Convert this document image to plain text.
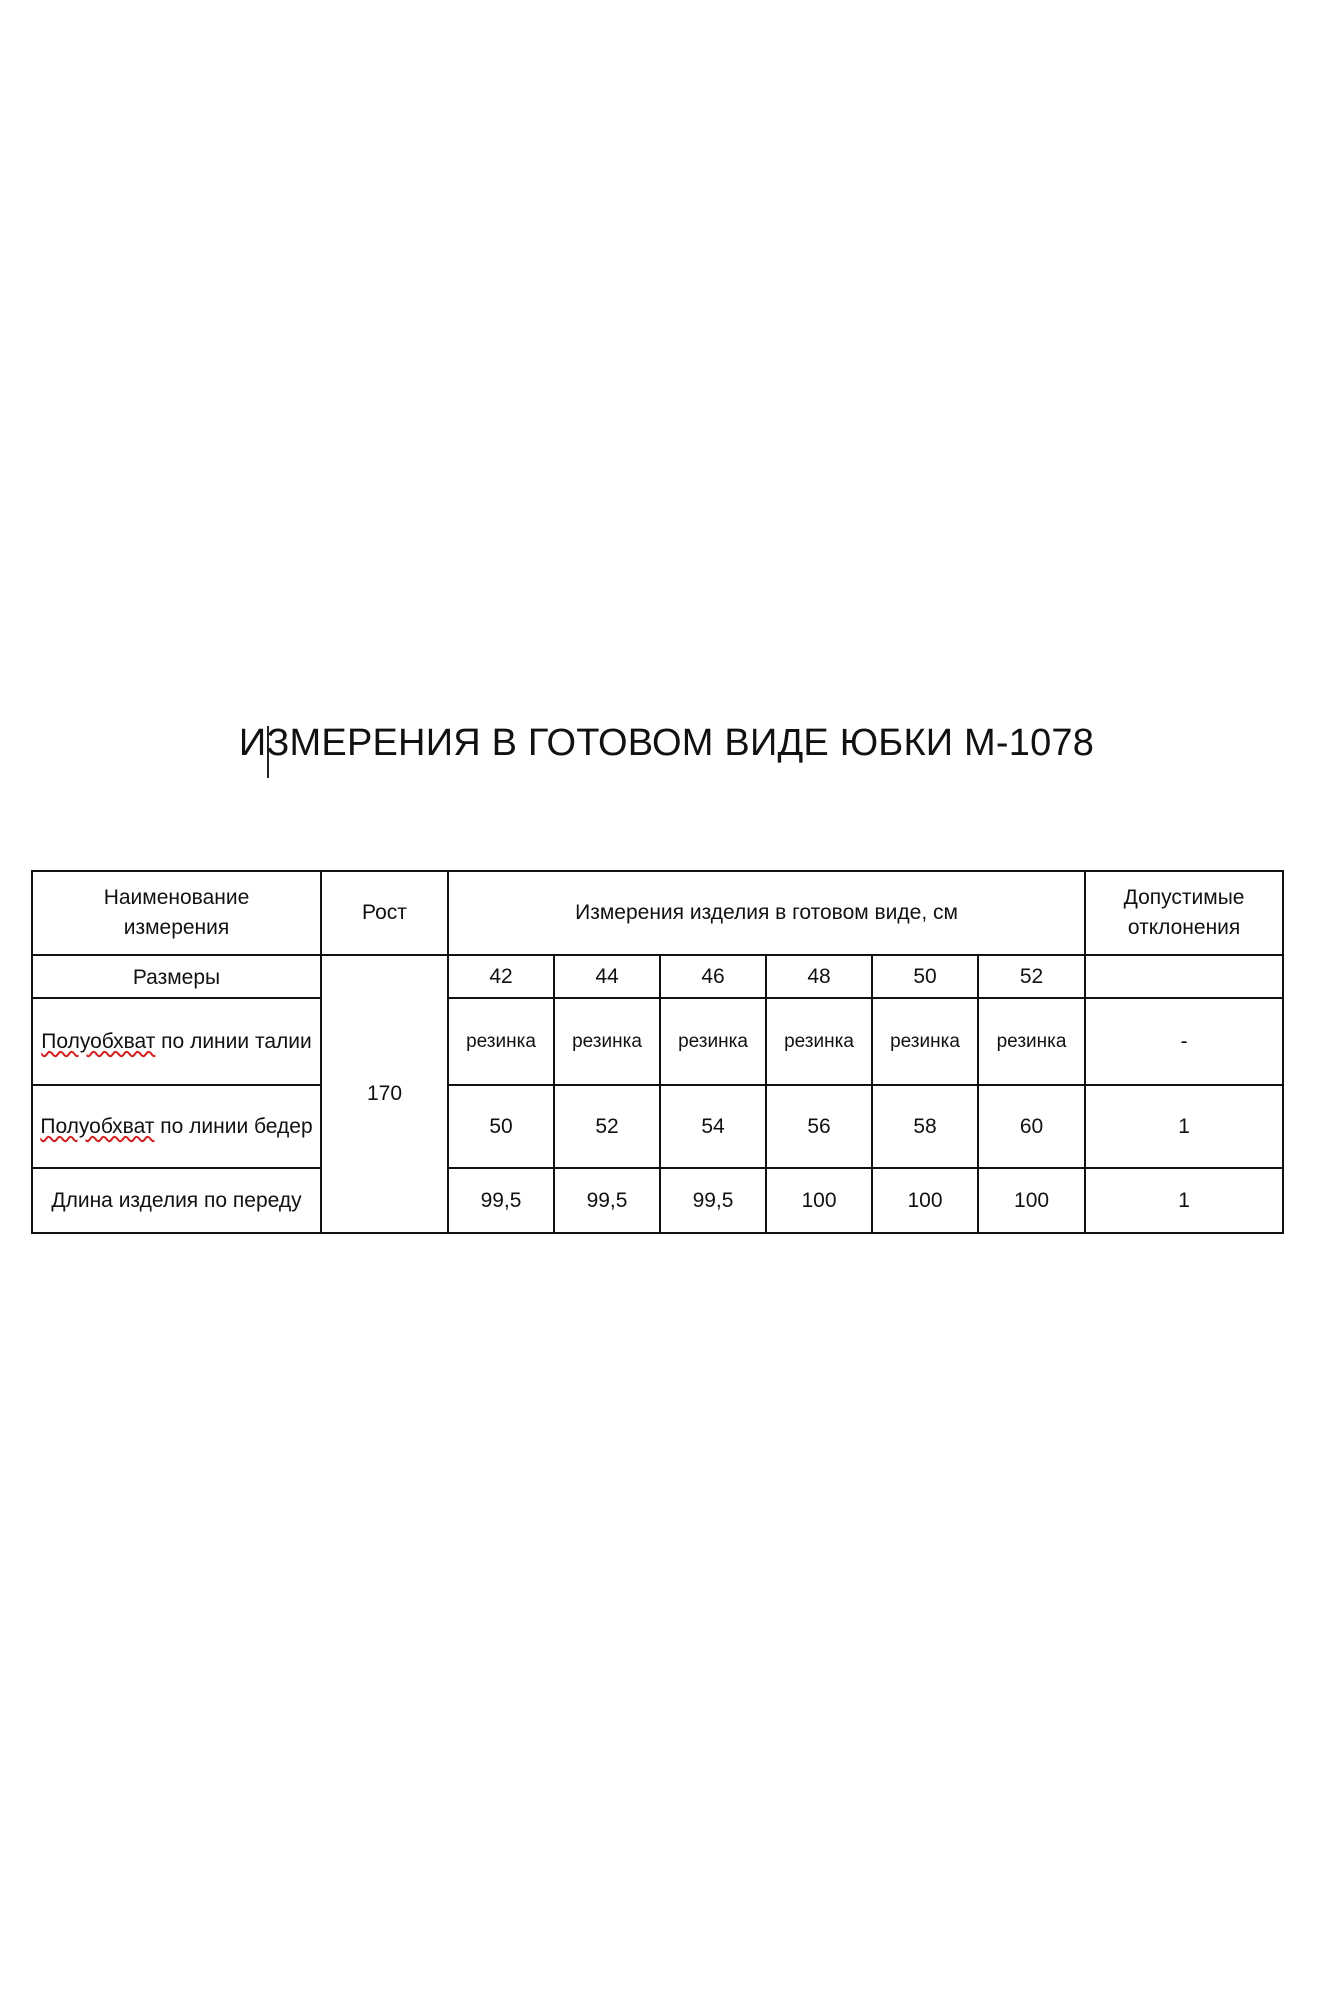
ИЗМЕРЕНИЯ В ГОТОВОМ ВИДЕ ЮБКИ М-1078
Наименование измерения	Рост	Измерения изделия в готовом виде, см						Допустимые отклонения
Размеры	170	42	44	46	48	50	52	
Полуобхват по линии талии		резинка	резинка	резинка	резинка	резинка	резинка	-
Полуобхват по линии бедер		50	52	54	56	58	60	1
Длина изделия по переду		99,5	99,5	99,5	100	100	100	1
